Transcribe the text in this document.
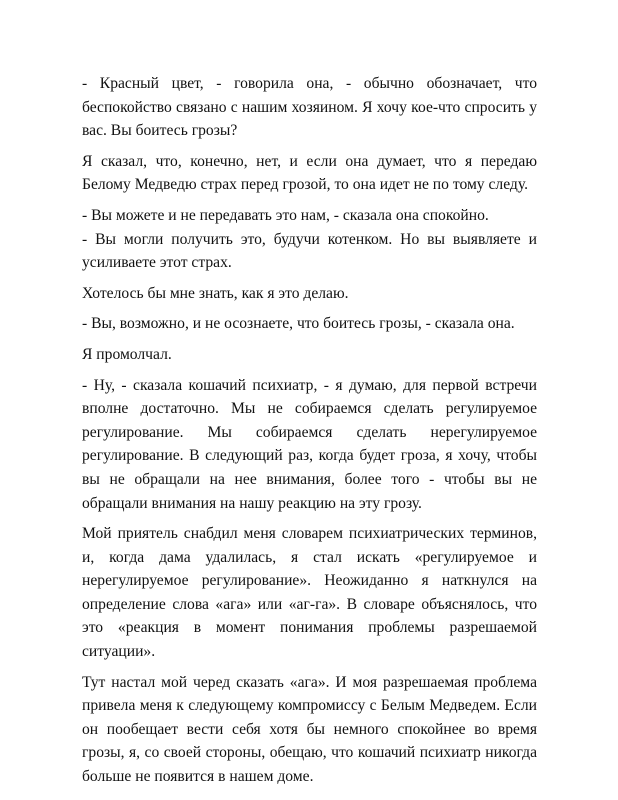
- Красный цвет, - говорила она, - обычно обозначает, что беспокойство связано с нашим хозяином. Я хочу кое-что спросить у вас. Вы боитесь грозы?

Я сказал, что, конечно, нет, и если она думает, что я передаю Белому Медведю страх перед грозой, то она идет не по тому следу.

- Вы можете и не передавать это нам, - сказала она спокойно.

- Вы могли получить это, будучи котенком. Но вы выявляете и усиливаете этот страх.

Хотелось бы мне знать, как я это делаю.

- Вы, возможно, и не осознаете, что боитесь грозы, - сказала она.

Я промолчал.

- Ну, - сказала кошачий психиатр, - я думаю, для первой встречи вполне достаточно. Мы не собираемся сделать регулируемое регулирование. Мы собираемся сделать нерегулируемое регулирование. В следующий раз, когда будет гроза, я хочу, чтобы вы не обращали на нее внимания, более того - чтобы вы не обращали внимания на нашу реакцию на эту грозу.

Мой приятель снабдил меня словарем психиатрических терминов, и, когда дама удалилась, я стал искать «регулируемое и нерегулируемое регулирование». Неожиданно я наткнулся на определение слова «ага» или «аг-га». В словаре объяснялось, что это «реакция в момент понимания проблемы разрешаемой ситуации».

Тут настал мой черед сказать «ага». И моя разрешаемая проблема привела меня к следующему компромиссу с Белым Медведем. Если он пообещает вести себя хотя бы немного спокойнее во время грозы, я, со своей стороны, обещаю, что кошачий психиатр никогда больше не появится в нашем доме.
